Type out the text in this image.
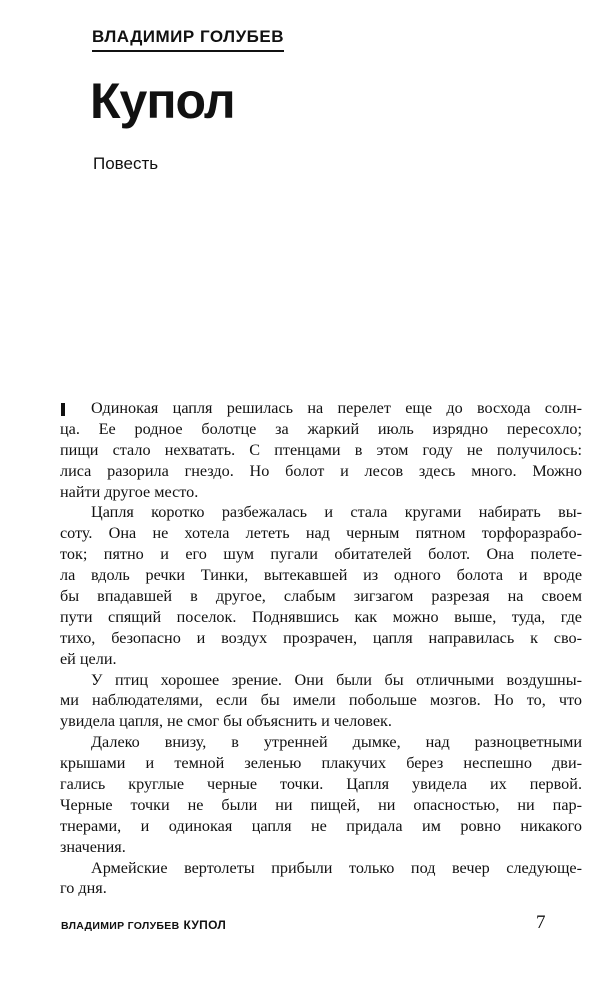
ВЛАДИМИР ГОЛУБЕВ
Купол
Повесть
Одинокая цапля решилась на перелет еще до восхода солн-
ца. Ее родное болотце за жаркий июль изрядно пересохло;
пищи стало нехватать. С птенцами в этом году не получилось:
лиса разорила гнездо. Но болот и лесов здесь много. Можно
найти другое место.
Цапля коротко разбежалась и стала кругами набирать вы-
соту. Она не хотела лететь над черным пятном торфоразрабо-
ток; пятно и его шум пугали обитателей болот. Она полете-
ла вдоль речки Тинки, вытекавшей из одного болота и вроде
бы впадавшей в другое, слабым зигзагом разрезая на своем
пути спящий поселок. Поднявшись как можно выше, туда, где
тихо, безопасно и воздух прозрачен, цапля направилась к сво-
ей цели.
У птиц хорошее зрение. Они были бы отличными воздушны-
ми наблюдателями, если бы имели побольше мозгов. Но то, что
увидела цапля, не смог бы объяснить и человек.
Далеко внизу, в утренней дымке, над разноцветными
крышами и темной зеленью плакучих берез неспешно дви-
гались круглые черные точки. Цапля увидела их первой.
Черные точки не были ни пищей, ни опасностью, ни пар-
тнерами, и одинокая цапля не придала им ровно никакого
значения.
Армейские вертолеты прибыли только под вечер следующе-
го дня.
ВЛАДИМИР ГОЛУБЕВ КУПОЛ	7
